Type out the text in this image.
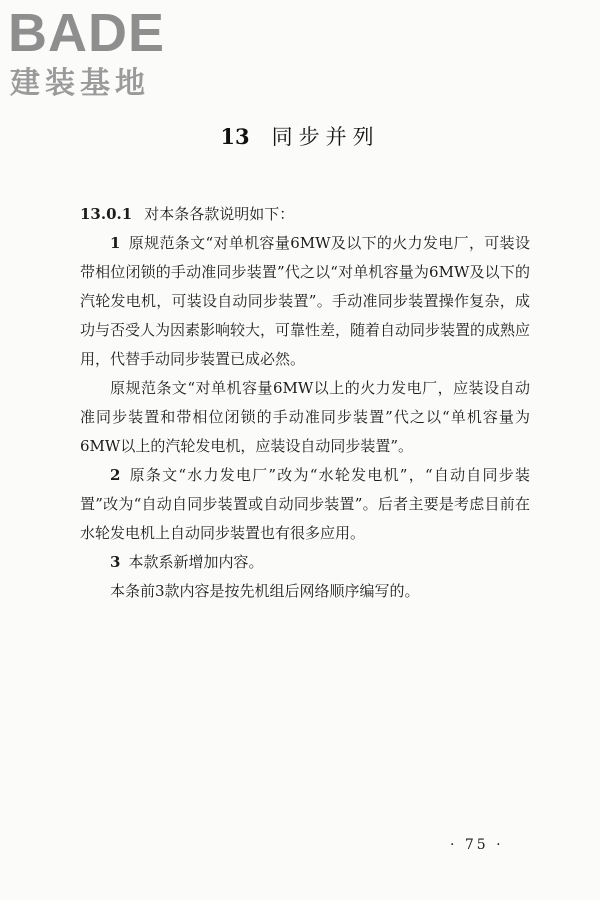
BADE
建装基地
13 同步并列

13.0.1 对本条各款说明如下：

1 原规范条文“对单机容量6MW及以下的火力发电厂，可装设带相位闭锁的手动准同步装置”代之以“对单机容量为6MW及以下的汽轮发电机，可装设自动同步装置”。手动准同步装置操作复杂，成功与否受人为因素影响较大，可靠性差，随着自动同步装置的成熟应用，代替手动同步装置已成必然。

原规范条文“对单机容量6MW以上的火力发电厂，应装设自动准同步装置和带相位闭锁的手动准同步装置”代之以“单机容量为6MW以上的汽轮发电机，应装设自动同步装置”。

2 原条文“水力发电厂”改为“水轮发电机”，“自动自同步装置”改为“自动自同步装置或自动同步装置”。后者主要是考虑目前在水轮发电机上自动同步装置也有很多应用。

3 本款系新增加内容。

本条前3款内容是按先机组后网络顺序编写的。

· 75 ·
